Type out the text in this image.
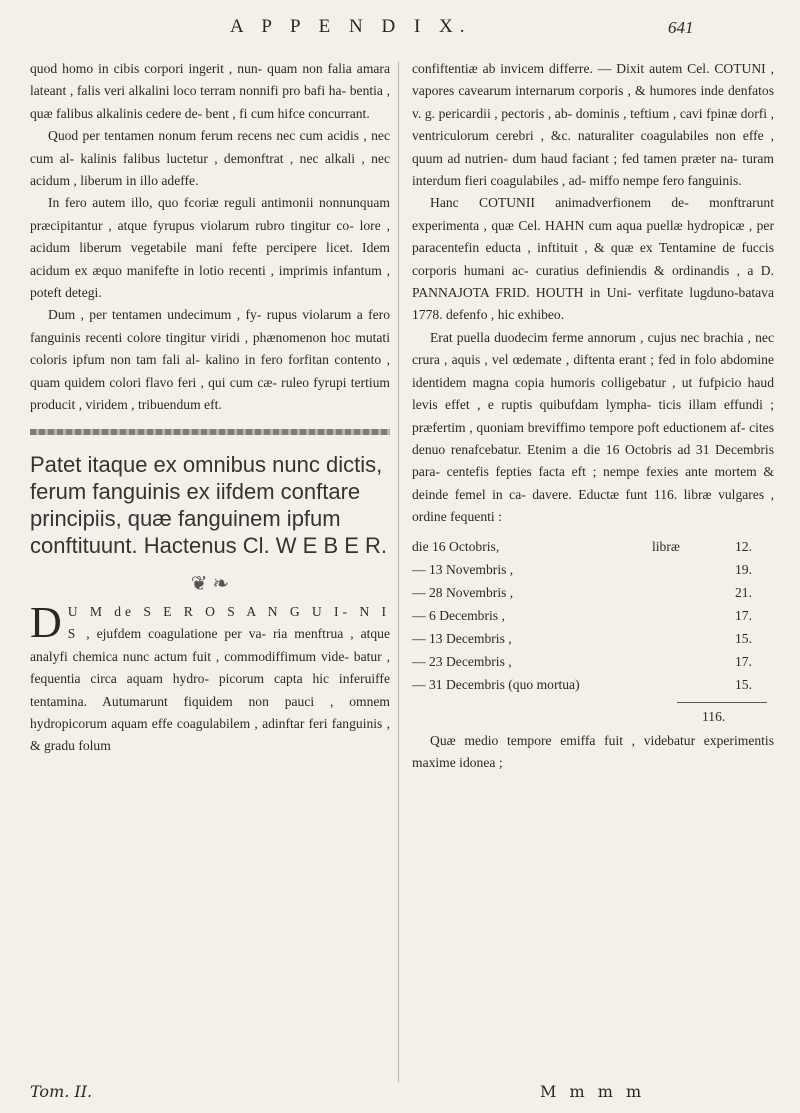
A P P E N D I X.	641

quod homo in cibis corpori ingerit , nun- quam non falia amara lateant , falis veri alkalini loco terram nonnifi pro bafi ha- bentia , quæ falibus alkalinis cedere de- bent , fi cum hifce concurrant.

Quod per tentamen nonum ferum recens nec cum acidis , nec cum al- kalinis falibus luctetur , demonftrat , nec alkali , nec acidum , liberum in illo adeffe.

In fero autem illo, quo fcoriæ reguli antimonii nonnunquam præcipitantur , atque fyrupus violarum rubro tingitur co- lore , acidum liberum vegetabile mani fefte percipere licet. Idem acidum ex æquo manifefte in lotio recenti , imprimis infantum , poteft detegi.

Dum , per tentamen undecimum , fy- rupus violarum a fero fanguinis recenti colore tingitur viridi , phænomenon hoc mutati coloris ipfum non tam fali al- kalino in fero forfitan contento , quam quidem colori flavo feri , qui cum cæ- ruleo fyrupi tertium producit , viridem , tribuendum eft.

Patet itaque ex omnibus nunc dictis, ferum fanguinis ex iifdem conftare principiis, quæ fanguinem ipfum conftituunt. Hactenus Cl. W E B E R.

❦ ❧

D U M de S E R O S A N G U I- N I S , ejufdem coagulatione per va- ria menftrua , atque analyfi chemica nunc actum fuit , commodiffimum vide- batur , fequentia circa aquam hydro- picorum capta hic inferuiffe tentamina. Autumarunt fiquidem non pauci , omnem hydropicorum aquam effe coagulabilem , adinftar feri fanguinis , & gradu folum

confiftentiæ ab invicem differre. — Dixit autem Cel. COTUNI , vapores cavearum internarum corporis , & humores inde denfatos v. g. pericardii , pectoris , ab- dominis , teftium , cavi fpinæ dorfi , ventriculorum cerebri , &c. naturaliter coagulabiles non effe , quum ad nutrien- dum haud faciant ; fed tamen præter na- turam interdum fieri coagulabiles , ad- miffo nempe fero fanguinis.

Hanc COTUNII animadverfionem de- monftrarunt experimenta , quæ Cel. HAHN cum aqua puellæ hydropicæ , per paracentefin educta , inftituit , & quæ ex Tentamine de fuccis corporis humani ac- curatius definiendis & ordinandis , a D. PANNAJOTA FRID. HOUTH in Uni- verfitate lugduno-batava 1778. defenfo , hic exhibeo.

Erat puella duodecim ferme annorum , cujus nec brachia , nec crura , aquis , vel œdemate , diftenta erant ; fed in folo abdomine identidem magna copia humoris colligebatur , ut fufpicio haud levis effet , e ruptis quibufdam lympha- ticis illam effundi ; præfertim , quoniam breviffimo tempore poft eductionem af- cites denuo renafcebatur. Etenim a die 16 Octobris ad 31 Decembris para- centefis fepties facta eft ; nempe fexies ante mortem & deinde femel in ca- davere. Eductæ funt 116. libræ vulgares , ordine fequenti :

die 16 Octobris,	libræ	12.
— 13 Novembris ,	19.
— 28 Novembris ,	21.
— 6 Decembris ,	17.
— 13 Decembris ,	15.
— 23 Decembris ,	17.
— 31 Decembris (quo mortua)	15.
116.

Quæ medio tempore emiffa fuit , videbatur experimentis maxime idonea ;

Tom. II.	M m m m
